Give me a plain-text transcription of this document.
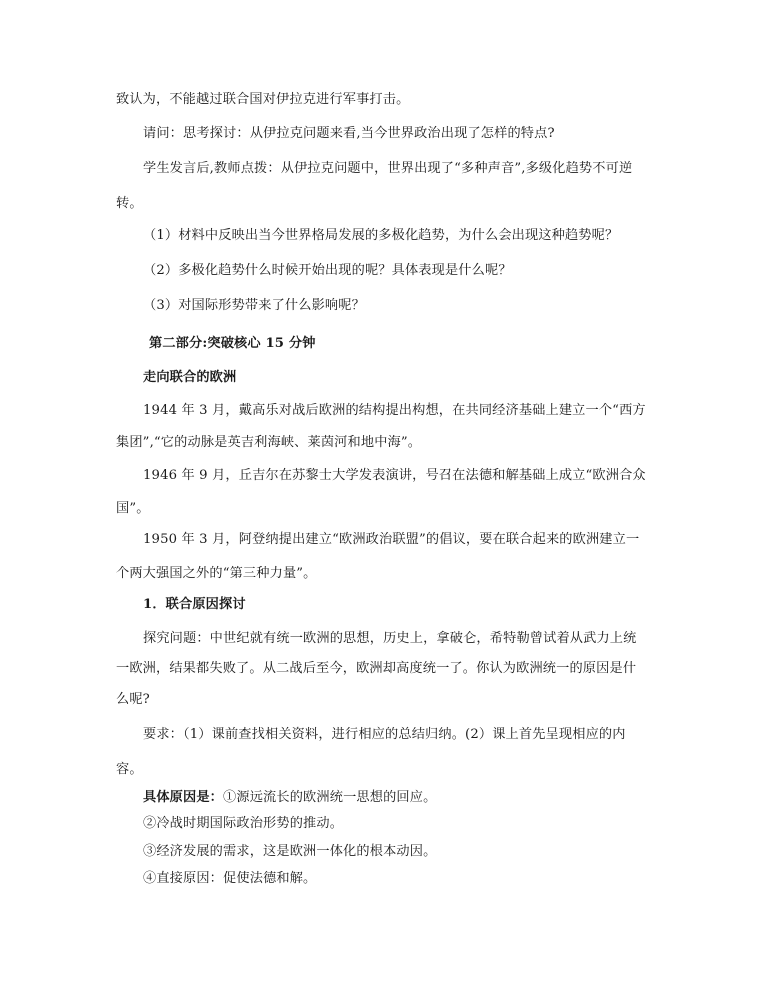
致认为，不能越过联合国对伊拉克进行军事打击。
请问：思考探讨：从伊拉克问题来看,当今世界政治出现了怎样的特点?
学生发言后,教师点拨：从伊拉克问题中，世界出现了“多种声音”,多级化趋势不可逆
转。
（1）材料中反映出当今世界格局发展的多极化趋势，为什么会出现这种趋势呢？
（2）多极化趋势什么时候开始出现的呢？具体表现是什么呢？
（3）对国际形势带来了什么影响呢？
第二部分:突破核心 15 分钟
走向联合的欧洲
1944 年 3 月，戴高乐对战后欧洲的结构提出构想，在共同经济基础上建立一个“西方
集团”,“它的动脉是英吉利海峡、莱茵河和地中海”。
1946 年 9 月，丘吉尔在苏黎士大学发表演讲，号召在法德和解基础上成立“欧洲合众
国”。
1950 年 3 月，阿登纳提出建立“欧洲政治联盟”的倡议，要在联合起来的欧洲建立一
个两大强国之外的“第三种力量”。
1．联合原因探讨
探究问题：中世纪就有统一欧洲的思想，历史上，拿破仑，希特勒曾试着从武力上统
一欧洲，结果都失败了。从二战后至今，欧洲却高度统一了。你认为欧洲统一的原因是什
么呢?
要求：（1）课前查找相关资料，进行相应的总结归纳。(2）课上首先呈现相应的内
容。
具体原因是：①源远流长的欧洲统一思想的回应。
②冷战时期国际政治形势的推动。
③经济发展的需求，这是欧洲一体化的根本动因。
④直接原因：促使法德和解。
